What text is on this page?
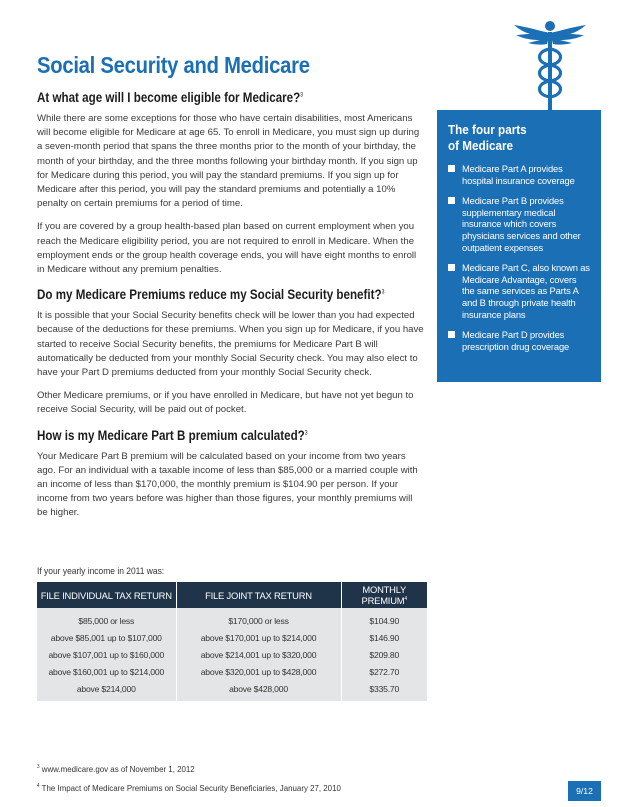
Social Security and Medicare
At what age will I become eligible for Medicare?$^3$

While there are some exceptions for those who have certain disabilities, most Americans will become eligible for Medicare at age 65. To enroll in Medicare, you must sign up during a seven-month period that spans the three months prior to the month of your birthday, the month of your birthday, and the three months following your birthday month. If you sign up for Medicare during this period, you will pay the standard premiums. If you sign up for Medicare after this period, you will pay the standard premiums and potentially a 10% penalty on certain premiums for a period of time.

If you are covered by a group health-based plan based on current employment when you reach the Medicare eligibility period, you are not required to enroll in Medicare. When the employment ends or the group health coverage ends, you will have eight months to enroll in Medicare without any premium penalties.

Do my Medicare Premiums reduce my Social Security benefit?$^3$

It is possible that your Social Security benefits check will be lower than you had expected because of the deductions for these premiums. When you sign up for Medicare, if you have started to receive Social Security benefits, the premiums for Medicare Part B will automatically be deducted from your monthly Social Security check. You may also elect to have your Part D premiums deducted from your monthly Social Security check.

Other Medicare premiums, or if you have enrolled in Medicare, but have not yet begun to receive Social Security, will be paid out of pocket.

How is my Medicare Part B premium calculated?$^3$

Your Medicare Part B premium will be calculated based on your income from two years ago. For an individual with a taxable income of less than $85,000 or a married couple with an income of less than $170,000, the monthly premium is $104.90 per person. If your income from two years before was higher than those figures, your monthly premiums will be higher.

If your yearly income in 2011 was:
FILE INDIVIDUAL TAX RETURN	FILE JOINT TAX RETURN	MONTHLY PREMIUM$^4$
$85,000 or less	$170,000 or less	$104.90
above $85,001 up to $107,000	above $170,001 up to $214,000	$146.90
above $107,001 up to $160,000	above $214,001 up to $320,000	$209.80
above $160,001 up to $214,000	above $320,001 up to $428,000	$272.70
above $214,000	above $428,000	$335.70
The four parts
of Medicare
Medicare Part A provides hospital insurance coverage
Medicare Part B provides supplementary medical insurance which covers physicians services and other outpatient expenses
Medicare Part C, also known as Medicare Advantage, covers the same services as Parts A and B through private health insurance plans
Medicare Part D provides prescription drug coverage
$^3$ www.medicare.gov as of November 1, 2012
$^4$ The Impact of Medicare Premiums on Social Security Beneficiaries, January 27, 2010	9/12
